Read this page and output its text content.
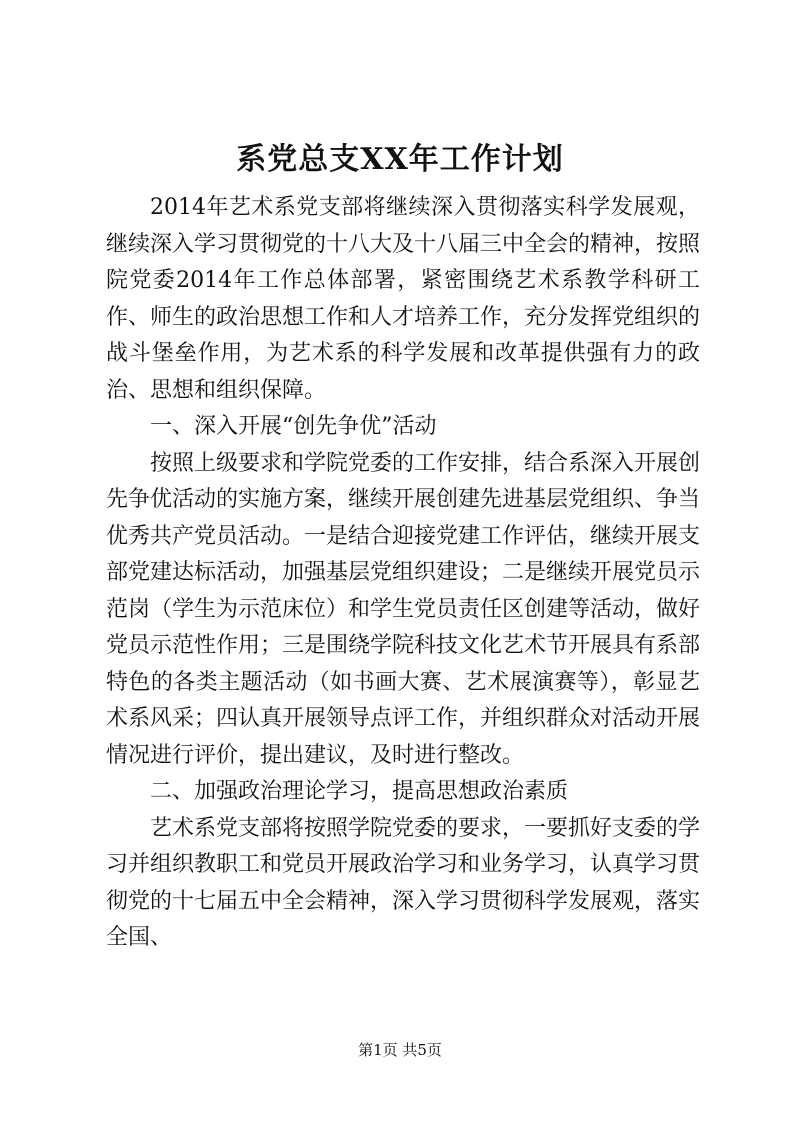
系党总支XX年工作计划

2014年艺术系党支部将继续深入贯彻落实科学发展观，继续深入学习贯彻党的十八大及十八届三中全会的精神，按照院党委2014年工作总体部署，紧密围绕艺术系教学科研工作、师生的政治思想工作和人才培养工作，充分发挥党组织的战斗堡垒作用，为艺术系的科学发展和改革提供强有力的政治、思想和组织保障。

一、深入开展“创先争优”活动

按照上级要求和学院党委的工作安排，结合系深入开展创先争优活动的实施方案，继续开展创建先进基层党组织、争当优秀共产党员活动。一是结合迎接党建工作评估，继续开展支部党建达标活动，加强基层党组织建设；二是继续开展党员示范岗（学生为示范床位）和学生党员责任区创建等活动，做好党员示范性作用；三是围绕学院科技文化艺术节开展具有系部特色的各类主题活动（如书画大赛、艺术展演赛等），彰显艺术系风采；四认真开展领导点评工作，并组织群众对活动开展情况进行评价，提出建议，及时进行整改。

二、加强政治理论学习，提高思想政治素质

艺术系党支部将按照学院党委的要求，一要抓好支委的学习并组织教职工和党员开展政治学习和业务学习，认真学习贯彻党的十七届五中全会精神，深入学习贯彻科学发展观，落实全国、

第1页 共5页
